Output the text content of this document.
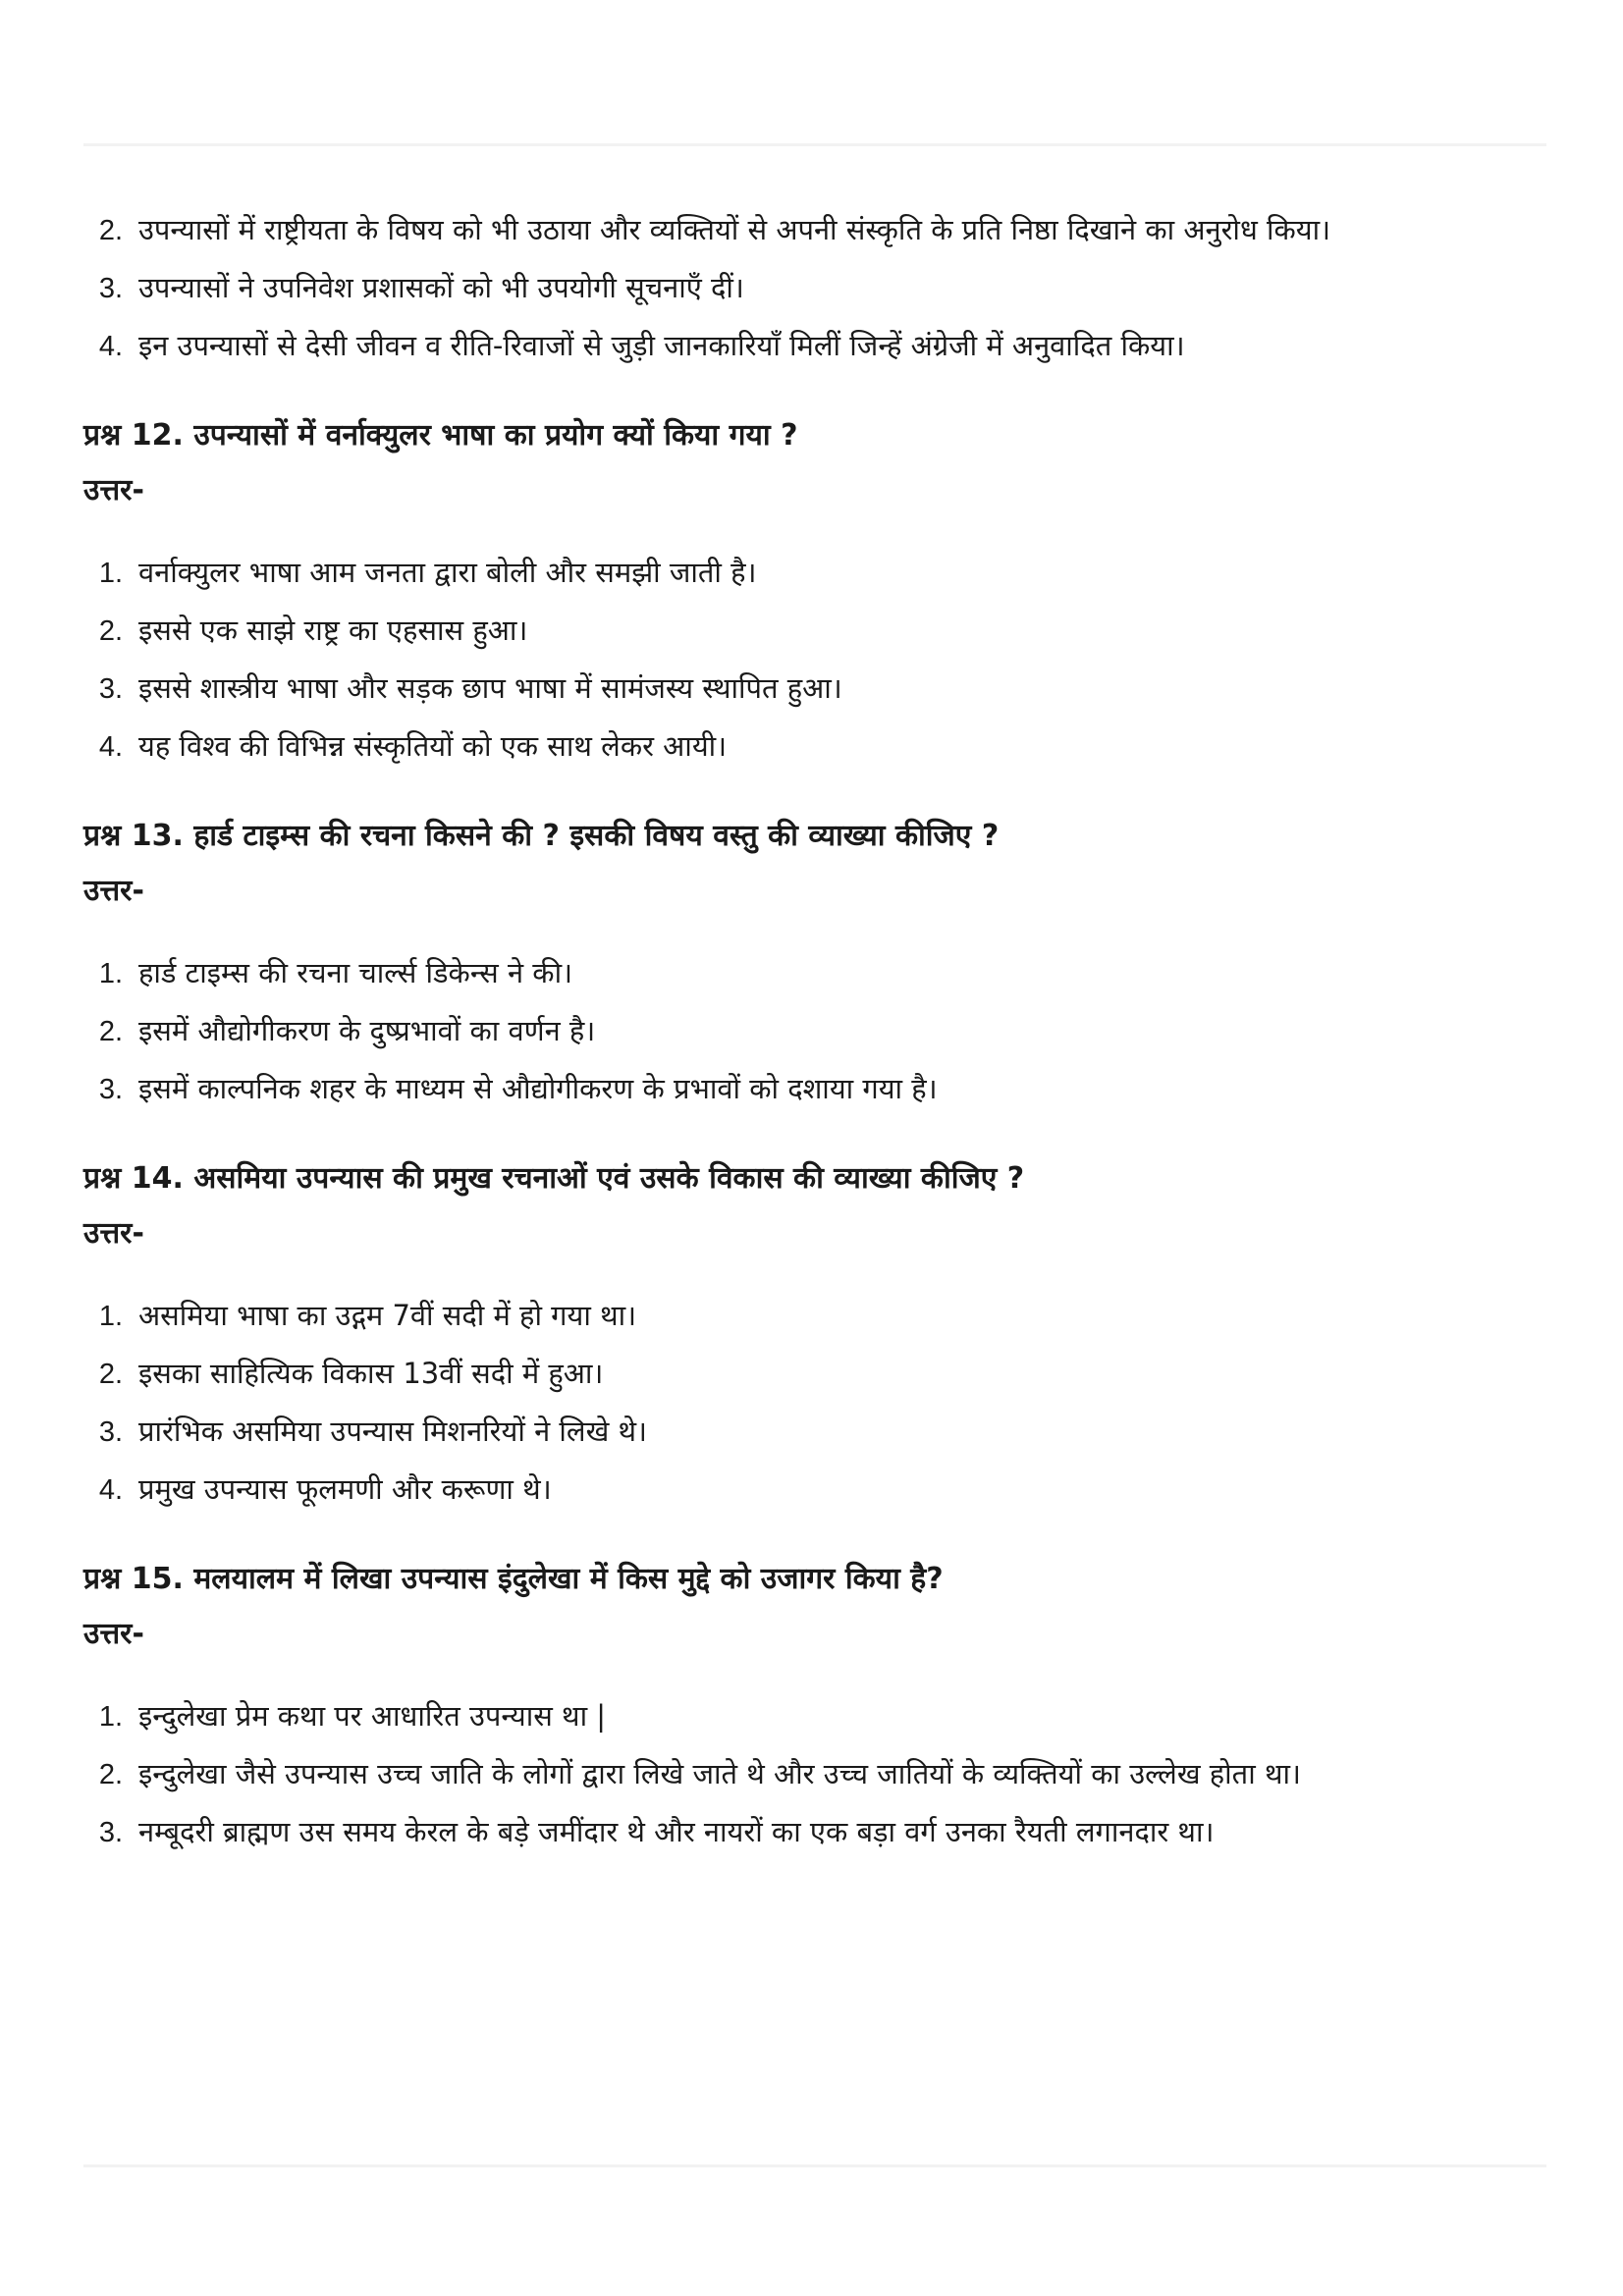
2. उपन्यासों में राष्ट्रीयता के विषय को भी उठाया और व्यक्तियों से अपनी संस्कृति के प्रति निष्ठा दिखाने का अनुरोध किया।
3. उपन्यासों ने उपनिवेश प्रशासकों को भी उपयोगी सूचनाएँ दीं।
4. इन उपन्यासों से देसी जीवन व रीति-रिवाजों से जुड़ी जानकारियाँ मिलीं जिन्हें अंग्रेजी में अनुवादित किया।
प्रश्न 12. उपन्यासों में वर्नाक्युलर भाषा का प्रयोग क्यों किया गया ?
उत्तर-
1. वर्नाक्युलर भाषा आम जनता द्वारा बोली और समझी जाती है।
2. इससे एक साझे राष्ट्र का एहसास हुआ।
3. इससे शास्त्रीय भाषा और सड़क छाप भाषा में सामंजस्य स्थापित हुआ।
4. यह विश्व की विभिन्न संस्कृतियों को एक साथ लेकर आयी।
प्रश्न 13. हार्ड टाइम्स की रचना किसने की ? इसकी विषय वस्तु की व्याख्या कीजिए ?
उत्तर-
1. हार्ड टाइम्स की रचना चार्ल्स डिकेन्स ने की।
2. इसमें औद्योगीकरण के दुष्प्रभावों का वर्णन है।
3. इसमें काल्पनिक शहर के माध्यम से औद्योगीकरण के प्रभावों को दशाया गया है।
प्रश्न 14. असमिया उपन्यास की प्रमुख रचनाओं एवं उसके विकास की व्याख्या कीजिए ?
उत्तर-
1. असमिया भाषा का उद्गम 7वीं सदी में हो गया था।
2. इसका साहित्यिक विकास 13वीं सदी में हुआ।
3. प्रारंभिक असमिया उपन्यास मिशनरियों ने लिखे थे।
4. प्रमुख उपन्यास फूलमणी और करूणा थे।
प्रश्न 15. मलयालम में लिखा उपन्यास इंदुलेखा में किस मुद्दे को उजागर किया है?
उत्तर-
1. इन्दुलेखा प्रेम कथा पर आधारित उपन्यास था |
2. इन्दुलेखा जैसे उपन्यास उच्च जाति के लोगों द्वारा लिखे जाते थे और उच्च जातियों के व्यक्तियों का उल्लेख होता था।
3. नम्बूदरी ब्राह्मण उस समय केरल के बड़े जमींदार थे और नायरों का एक बड़ा वर्ग उनका रैयती लगानदार था।
